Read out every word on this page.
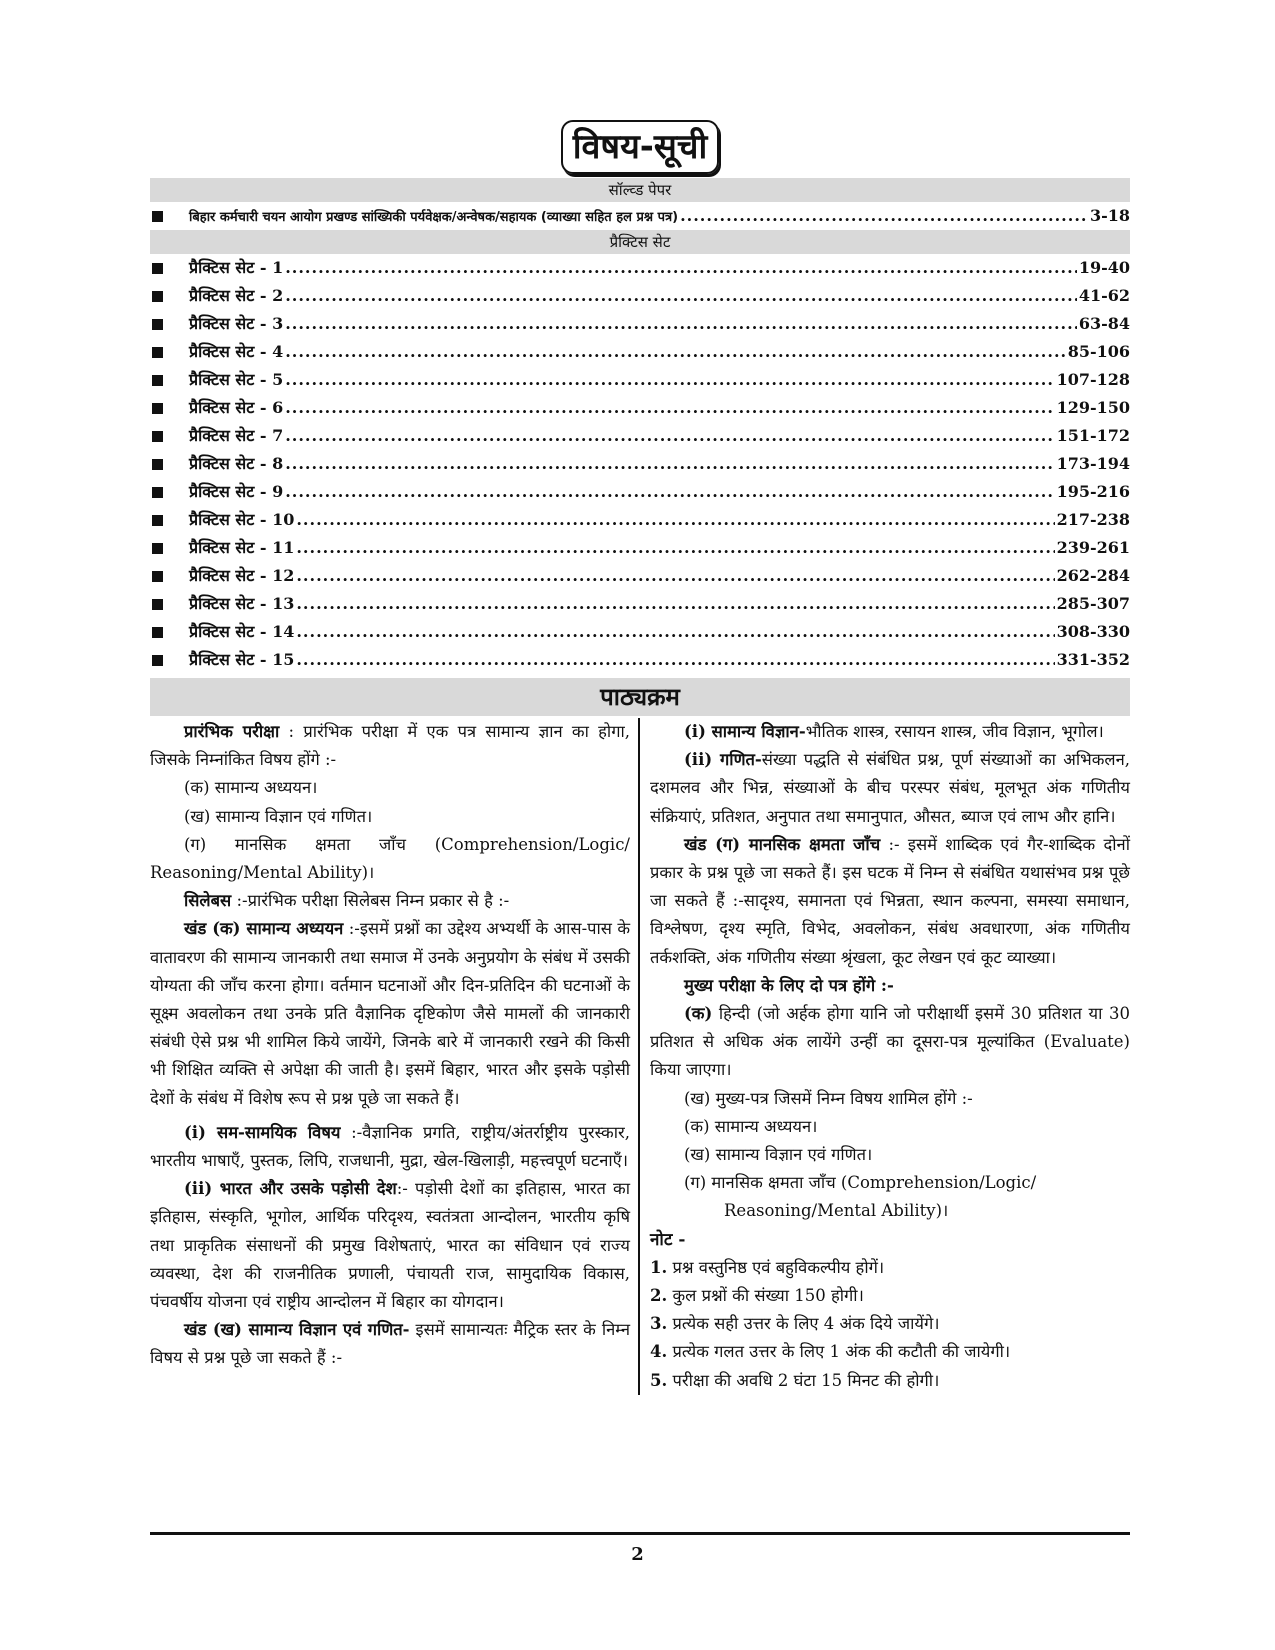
विषय-सूची
सॉल्व्ड पेपर
बिहार कर्मचारी चयन आयोग प्रखण्ड सांख्यिकी पर्यवेक्षक/अन्वेषक/सहायक (व्याख्या सहित हल प्रश्न पत्र) .....	3-18
प्रैक्टिस सेट
प्रैक्टिस सेट - 1 .....	19-40
प्रैक्टिस सेट - 2 .....	41-62
प्रैक्टिस सेट - 3 .....	63-84
प्रैक्टिस सेट - 4 .....	85-106
प्रैक्टिस सेट - 5 .....	107-128
प्रैक्टिस सेट - 6 .....	129-150
प्रैक्टिस सेट - 7 .....	151-172
प्रैक्टिस सेट - 8 .....	173-194
प्रैक्टिस सेट - 9 .....	195-216
प्रैक्टिस सेट - 10 .....	217-238
प्रैक्टिस सेट - 11 .....	239-261
प्रैक्टिस सेट - 12 .....	262-284
प्रैक्टिस सेट - 13 .....	285-307
प्रैक्टिस सेट - 14 .....	308-330
प्रैक्टिस सेट - 15 .....	331-352
पाठ्यक्रम

प्रारंभिक परीक्षा : प्रारंभिक परीक्षा में एक पत्र सामान्य ज्ञान का होगा, जिसके निम्नांकित विषय होंगे :-

(क) सामान्य अध्ययन।

(ख) सामान्य विज्ञान एवं गणित।

(ग) मानसिक क्षमता जाँच (Comprehension/Logic/ Reasoning/Mental Ability)।

सिलेबस :-प्रारंभिक परीक्षा सिलेबस निम्न प्रकार से है :-

खंड (क) सामान्य अध्ययन :-इसमें प्रश्नों का उद्देश्य अभ्यर्थी के आस-पास के वातावरण की सामान्य जानकारी तथा समाज में उनके अनुप्रयोग के संबंध में उसकी योग्यता की जाँच करना होगा। वर्तमान घटनाओं और दिन-प्रतिदिन की घटनाओं के सूक्ष्म अवलोकन तथा उनके प्रति वैज्ञानिक दृष्टिकोण जैसे मामलों की जानकारी संबंधी ऐसे प्रश्न भी शामिल किये जायेंगे, जिनके बारे में जानकारी रखने की किसी भी शिक्षित व्यक्ति से अपेक्षा की जाती है। इसमें बिहार, भारत और इसके पड़ोसी देशों के संबंध में विशेष रूप से प्रश्न पूछे जा सकते हैं।

(i) सम-सामयिक विषय :-वैज्ञानिक प्रगति, राष्ट्रीय/अंतर्राष्ट्रीय पुरस्कार, भारतीय भाषाएँ, पुस्तक, लिपि, राजधानी, मुद्रा, खेल-खिलाड़ी, महत्त्वपूर्ण घटनाएँ।

(ii) भारत और उसके पड़ोसी देश:- पड़ोसी देशों का इतिहास, भारत का इतिहास, संस्कृति, भूगोल, आर्थिक परिदृश्य, स्वतंत्रता आन्दोलन, भारतीय कृषि तथा प्राकृतिक संसाधनों की प्रमुख विशेषताएं, भारत का संविधान एवं राज्य व्यवस्था, देश की राजनीतिक प्रणाली, पंचायती राज, सामुदायिक विकास, पंचवर्षीय योजना एवं राष्ट्रीय आन्दोलन में बिहार का योगदान।

खंड (ख) सामान्य विज्ञान एवं गणित- इसमें सामान्यतः मैट्रिक स्तर के निम्न विषय से प्रश्न पूछे जा सकते हैं :-

(i) सामान्य विज्ञान-भौतिक शास्त्र, रसायन शास्त्र, जीव विज्ञान, भूगोल।

(ii) गणित-संख्या पद्धति से संबंधित प्रश्न, पूर्ण संख्याओं का अभिकलन, दशमलव और भिन्न, संख्याओं के बीच परस्पर संबंध, मूलभूत अंक गणितीय संक्रियाएं, प्रतिशत, अनुपात तथा समानुपात, औसत, ब्याज एवं लाभ और हानि।

खंड (ग) मानसिक क्षमता जाँच :- इसमें शाब्दिक एवं गैर-शाब्दिक दोनों प्रकार के प्रश्न पूछे जा सकते हैं। इस घटक में निम्न से संबंधित यथासंभव प्रश्न पूछे जा सकते हैं :-सादृश्य, समानता एवं भिन्नता, स्थान कल्पना, समस्या समाधान, विश्लेषण, दृश्य स्मृति, विभेद, अवलोकन, संबंध अवधारणा, अंक गणितीय तर्कशक्ति, अंक गणितीय संख्या श्रृंखला, कूट लेखन एवं कूट व्याख्या।

मुख्य परीक्षा के लिए दो पत्र होंगे :-

(क) हिन्दी (जो अर्हक होगा यानि जो परीक्षार्थी इसमें 30 प्रतिशत या 30 प्रतिशत से अधिक अंक लायेंगे उन्हीं का दूसरा-पत्र मूल्यांकित (Evaluate) किया जाएगा।

(ख) मुख्य-पत्र जिसमें निम्न विषय शामिल होंगे :-

(क) सामान्य अध्ययन।

(ख) सामान्य विज्ञान एवं गणित।

(ग) मानसिक क्षमता जाँच (Comprehension/Logic/

Reasoning/Mental Ability)।

नोट -

1. प्रश्न वस्तुनिष्ठ एवं बहुविकल्पीय होगें।

2. कुल प्रश्नों की संख्या 150 होगी।

3. प्रत्येक सही उत्तर के लिए 4 अंक दिये जायेंगे।

4. प्रत्येक गलत उत्तर के लिए 1 अंक की कटौती की जायेगी।

5. परीक्षा की अवधि 2 घंटा 15 मिनट की होगी।

2
